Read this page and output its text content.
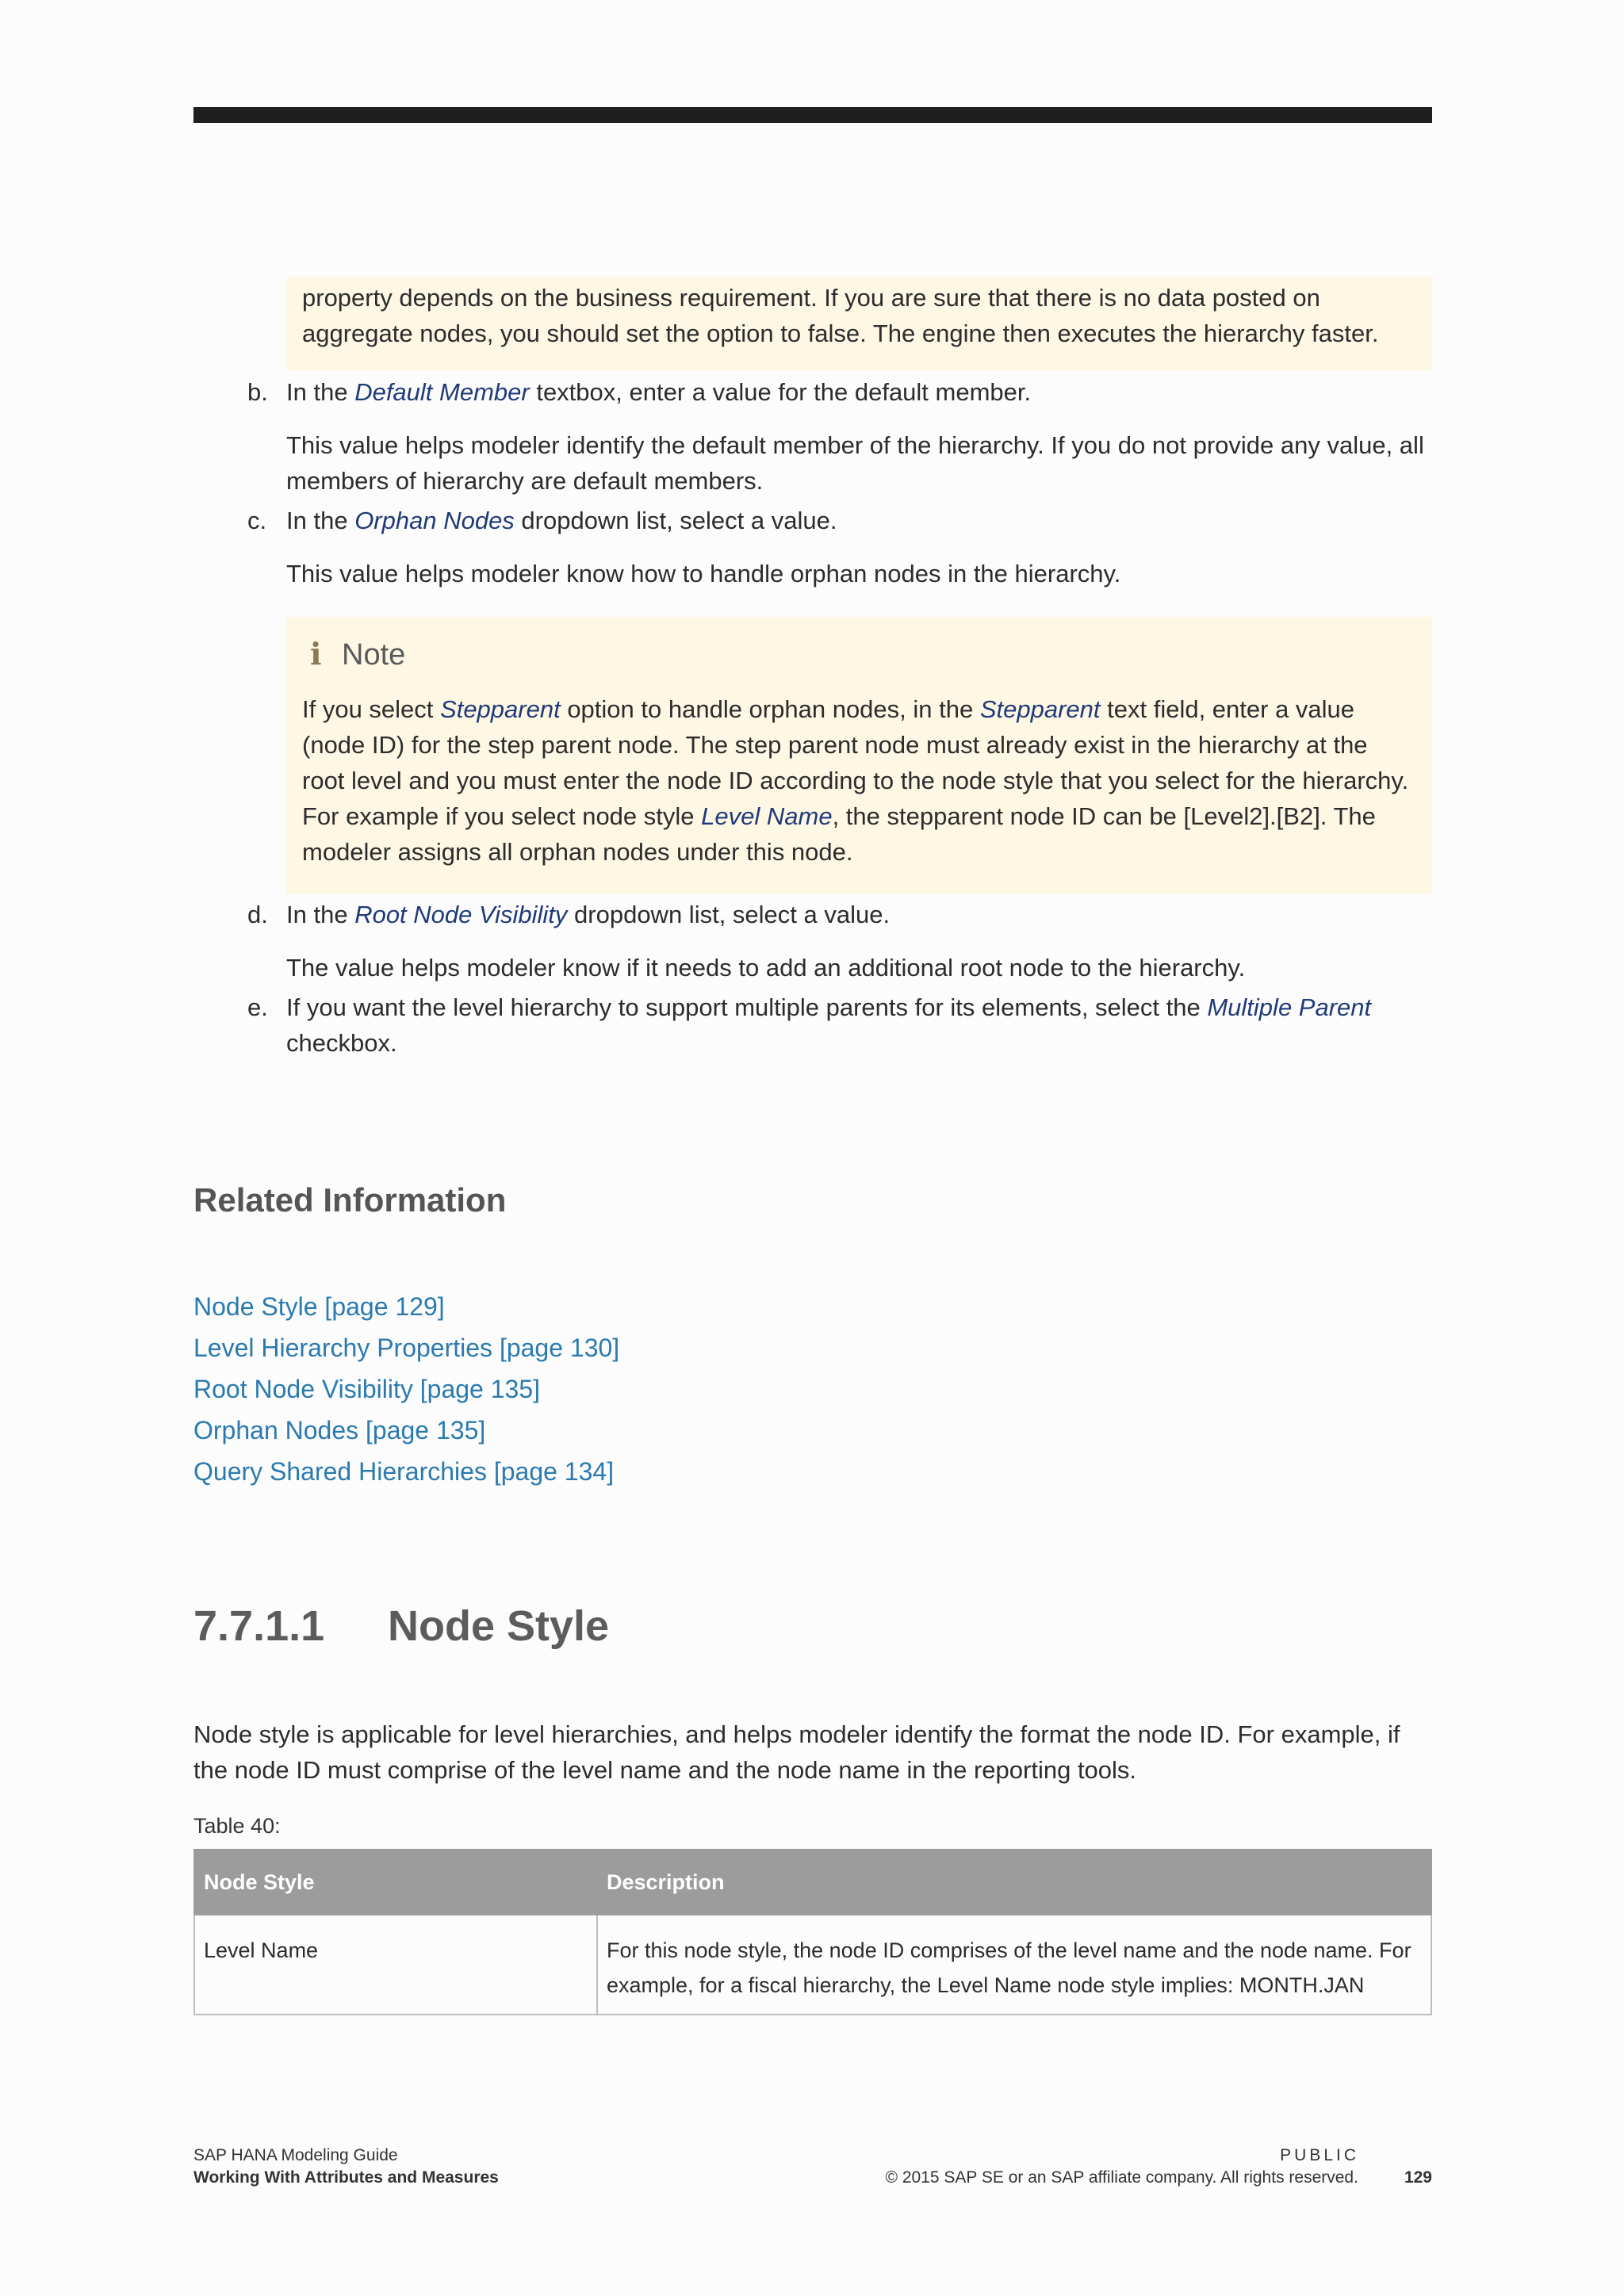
property depends on the business requirement. If you are sure that there is no data posted on aggregate nodes, you should set the option to false. The engine then executes the hierarchy faster.
b. In the Default Member textbox, enter a value for the default member.
This value helps modeler identify the default member of the hierarchy. If you do not provide any value, all members of hierarchy are default members.
c. In the Orphan Nodes dropdown list, select a value.
This value helps modeler know how to handle orphan nodes in the hierarchy.
i Note
If you select Stepparent option to handle orphan nodes, in the Stepparent text field, enter a value (node ID) for the step parent node. The step parent node must already exist in the hierarchy at the root level and you must enter the node ID according to the node style that you select for the hierarchy. For example if you select node style Level Name, the stepparent node ID can be [Level2].[B2]. The modeler assigns all orphan nodes under this node.
d. In the Root Node Visibility dropdown list, select a value.
The value helps modeler know if it needs to add an additional root node to the hierarchy.
e. If you want the level hierarchy to support multiple parents for its elements, select the Multiple Parent checkbox.
Related Information
Node Style [page 129]
Level Hierarchy Properties [page 130]
Root Node Visibility [page 135]
Orphan Nodes [page 135]
Query Shared Hierarchies [page 134]
7.7.1.1 Node Style
Node style is applicable for level hierarchies, and helps modeler identify the format the node ID. For example, if the node ID must comprise of the level name and the node name in the reporting tools.
Table 40:
Node Style	Description
Level Name	For this node style, the node ID comprises of the level name and the node name. For example, for a fiscal hierarchy, the Level Name node style implies: MONTH.JAN
SAP HANA Modeling Guide
Working With Attributes and Measures
PUBLIC
© 2015 SAP SE or an SAP affiliate company. All rights reserved.	129
